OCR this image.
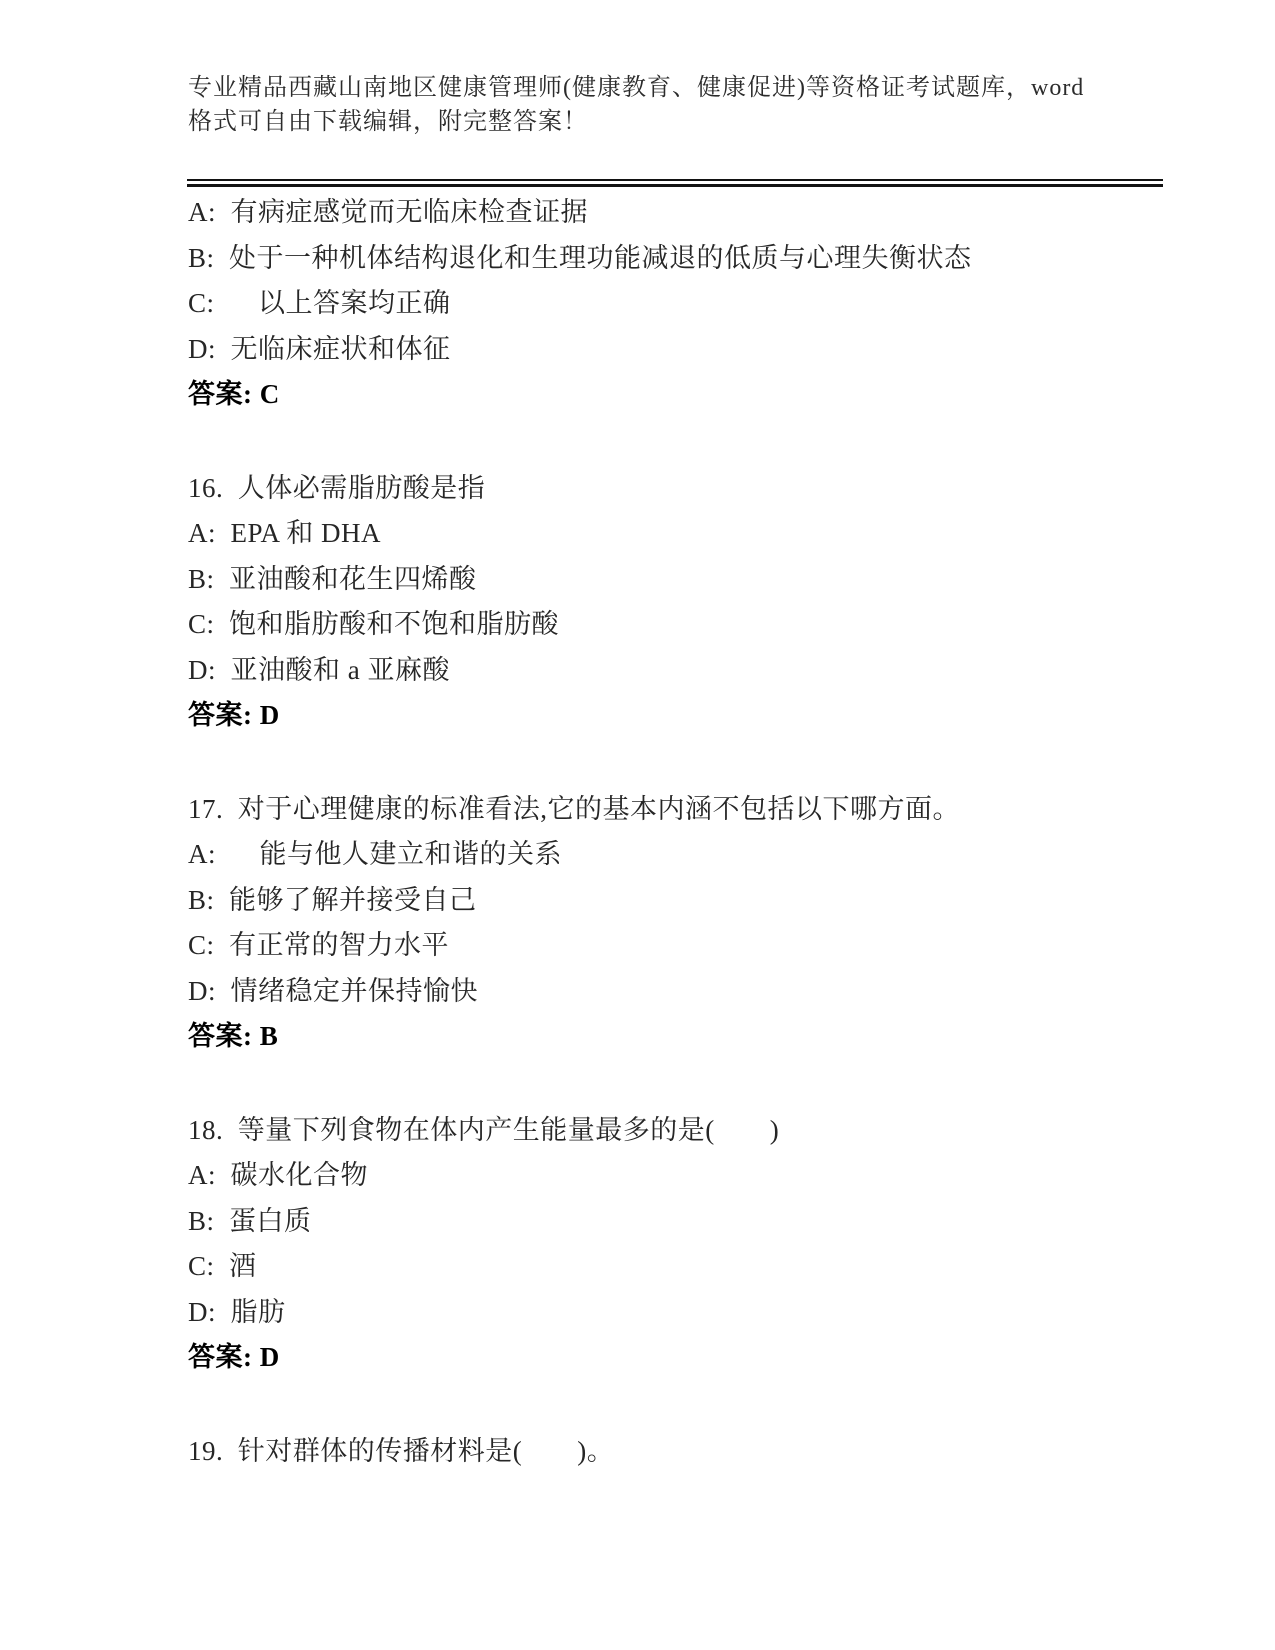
专业精品西藏山南地区健康管理师(健康教育、健康促进)等资格证考试题库，word
格式可自由下载编辑，附完整答案！

A:  有病症感觉而无临床检查证据

B:  处于一种机体结构退化和生理功能减退的低质与心理失衡状态

C:      以上答案均正确

D:  无临床症状和体征

答案: C

16.  人体必需脂肪酸是指

A:  EPA 和 DHA

B:  亚油酸和花生四烯酸

C:  饱和脂肪酸和不饱和脂肪酸

D:  亚油酸和 a 亚麻酸

答案: D

17.  对于心理健康的标准看法,它的基本内涵不包括以下哪方面。

A:      能与他人建立和谐的关系

B:  能够了解并接受自己

C:  有正常的智力水平

D:  情绪稳定并保持愉快

答案: B

18.  等量下列食物在体内产生能量最多的是(　　)

A:  碳水化合物

B:  蛋白质

C:  酒

D:  脂肪

答案: D

19.  针对群体的传播材料是(　　)。
